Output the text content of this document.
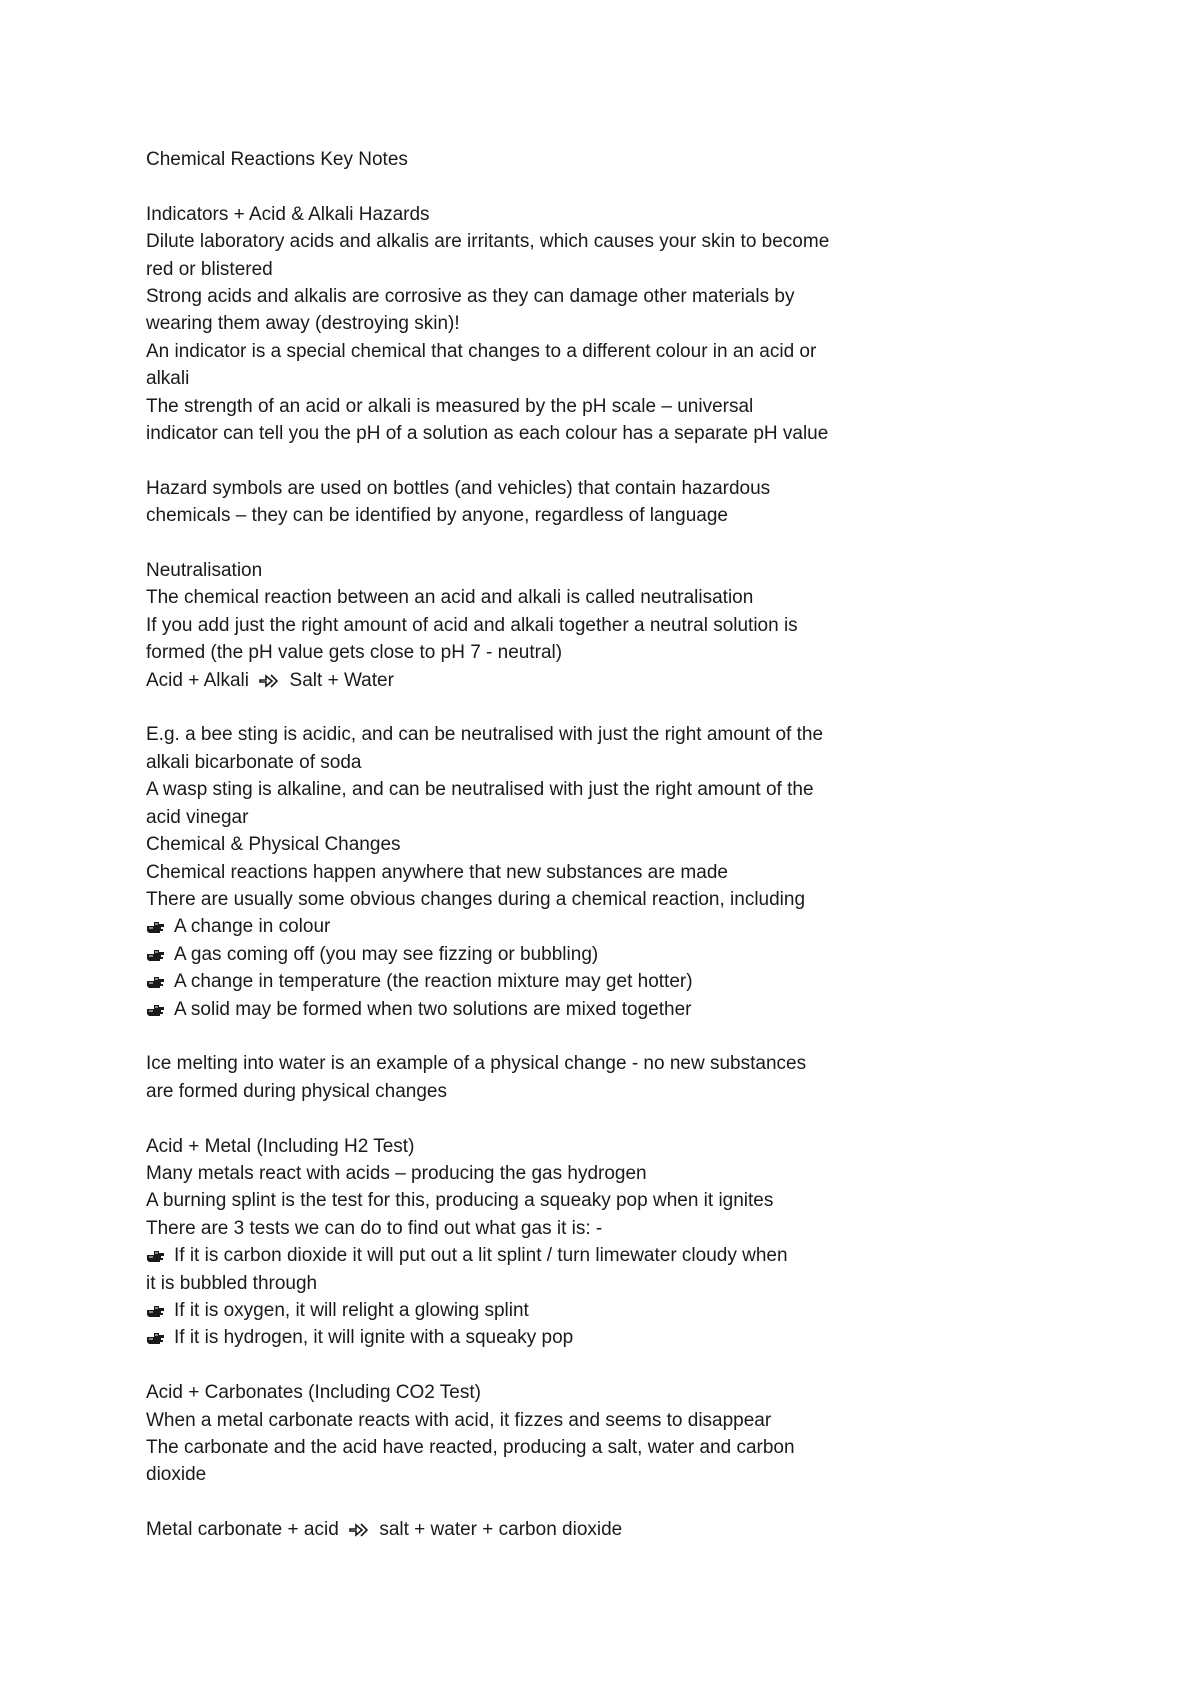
Chemical Reactions Key Notes
Indicators + Acid & Alkali Hazards
Dilute laboratory acids and alkalis are irritants, which causes your skin to become
red or blistered
Strong acids and alkalis are corrosive as they can damage other materials by
wearing them away (destroying skin)!
An indicator is a special chemical that changes to a different colour in an acid or
alkali
The strength of an acid or alkali is measured by the pH scale – universal
indicator can tell you the pH of a solution as each colour has a separate pH value
Hazard symbols are used on bottles (and vehicles) that contain hazardous
chemicals – they can be identified by anyone, regardless of language
Neutralisation
The chemical reaction between an acid and alkali is called neutralisation
If you add just the right amount of acid and alkali together a neutral solution is
formed (the pH value gets close to pH 7 - neutral)
Acid + Alkali Salt + Water
E.g. a bee sting is acidic, and can be neutralised with just the right amount of the
alkali bicarbonate of soda
A wasp sting is alkaline, and can be neutralised with just the right amount of the
acid vinegar
Chemical & Physical Changes
Chemical reactions happen anywhere that new substances are made
There are usually some obvious changes during a chemical reaction, including
A change in colour
A gas coming off (you may see fizzing or bubbling)
A change in temperature (the reaction mixture may get hotter)
A solid may be formed when two solutions are mixed together
Ice melting into water is an example of a physical change - no new substances
are formed during physical changes
Acid + Metal (Including H2 Test)
Many metals react with acids – producing the gas hydrogen
A burning splint is the test for this, producing a squeaky pop when it ignites
There are 3 tests we can do to find out what gas it is: -
If it is carbon dioxide it will put out a lit splint / turn limewater cloudy when
it is bubbled through
If it is oxygen, it will relight a glowing splint
If it is hydrogen, it will ignite with a squeaky pop
Acid + Carbonates (Including CO2 Test)
When a metal carbonate reacts with acid, it fizzes and seems to disappear
The carbonate and the acid have reacted, producing a salt, water and carbon
dioxide
Metal carbonate + acid salt + water + carbon dioxide
